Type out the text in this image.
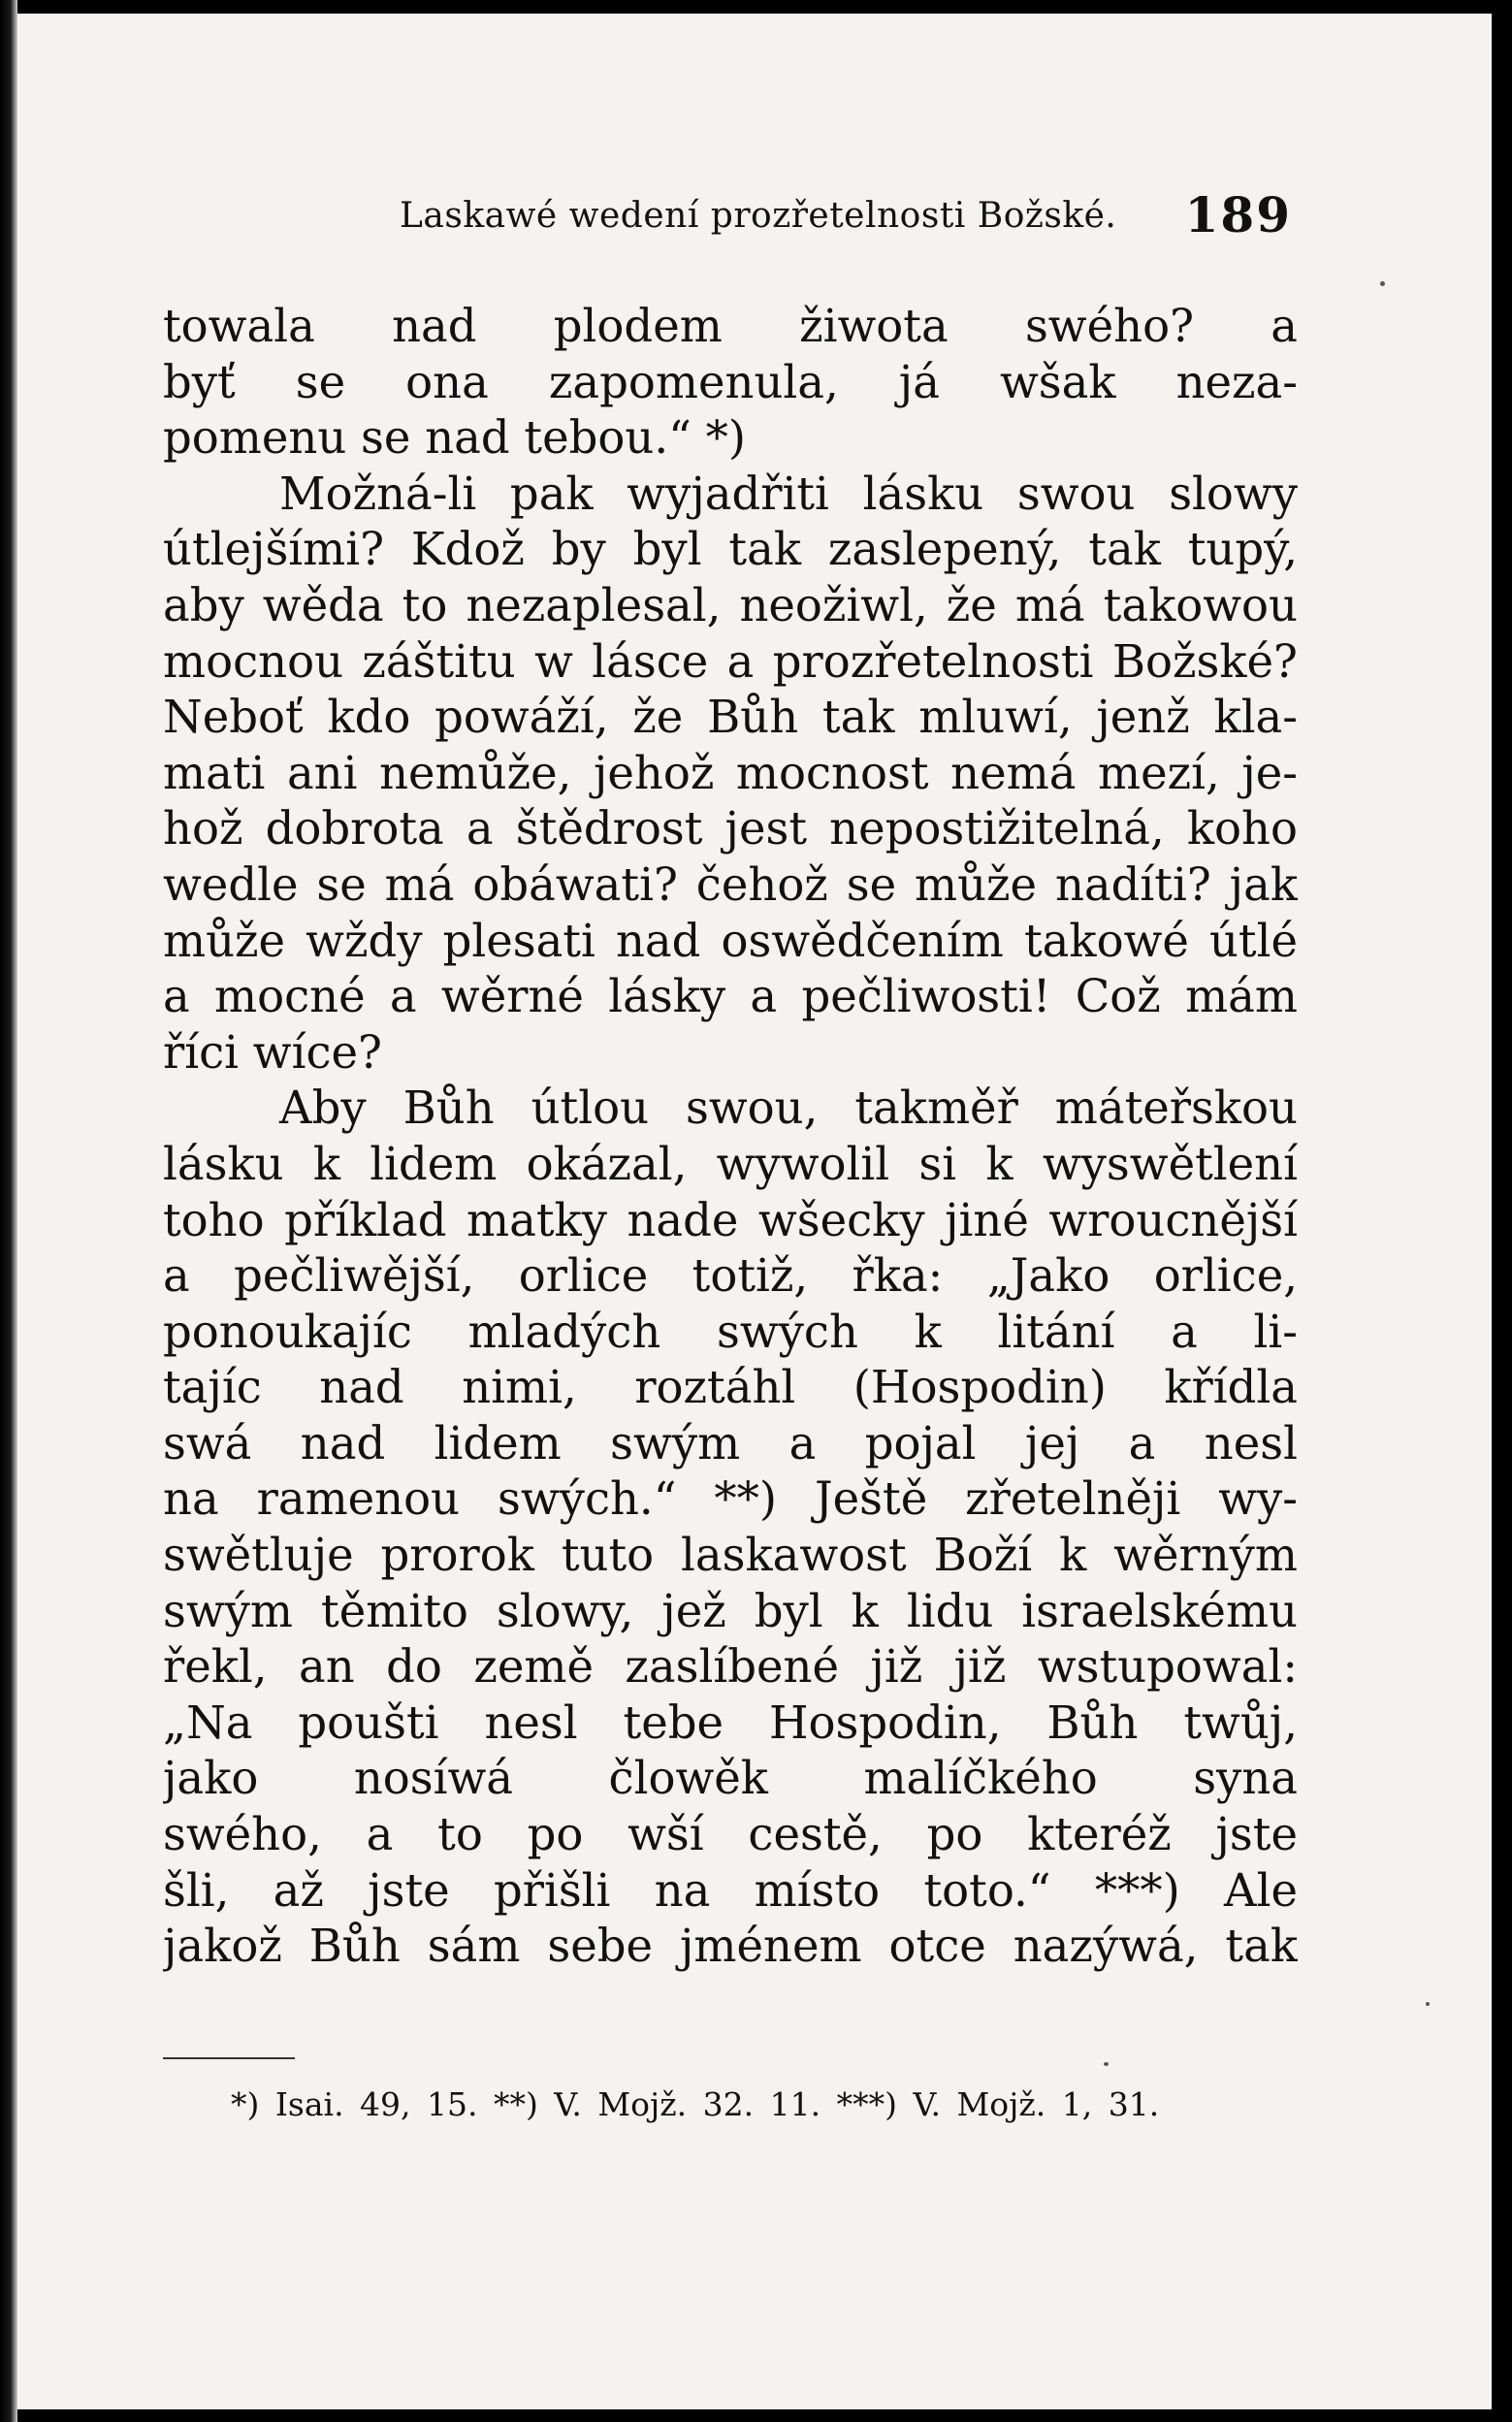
Laskawé wedení prozřetelnosti Božské. 189
towala nad plodem žiwota swého? a
byť se ona zapomenula, já wšak neza-
pomenu se nad tebou.“ *)
Možná-li pak wyjadřiti lásku swou slowy
útlejšími? Kdož by byl tak zaslepený, tak tupý,
aby wěda to nezaplesal, neožiwl, že má takowou
mocnou záštitu w lásce a prozřetelnosti Božské?
Neboť kdo powáží, že Bůh tak mluwí, jenž kla-
mati ani nemůže, jehož mocnost nemá mezí, je-
hož dobrota a štědrost jest nepostižitelná, koho
wedle se má obáwati? čehož se může nadíti? jak
může wždy plesati nad oswědčením takowé útlé
a mocné a wěrné lásky a pečliwosti! Což mám
říci wíce?
Aby Bůh útlou swou, takměř máteřskou
lásku k lidem okázal, wywolil si k wyswětlení
toho příklad matky nade wšecky jiné wroucnější
a pečliwější, orlice totiž, řka: „Jako orlice,
ponoukajíc mladých swých k litání a li-
tajíc nad nimi, roztáhl (Hospodin) křídla
swá nad lidem swým a pojal jej a nesl
na ramenou swých.“ **) Ještě zřetelněji wy-
swětluje prorok tuto laskawost Boží k wěrným
swým těmito slowy, jež byl k lidu israelskému
řekl, an do země zaslíbené již již wstupowal:
„Na poušti nesl tebe Hospodin, Bůh twůj,
jako nosíwá člowěk malíčkého syna
swého, a to po wší cestě, po kteréž jste
šli, až jste přišli na místo toto.“ ***) Ale
jakož Bůh sám sebe jménem otce nazýwá, tak
*) Isai. 49, 15. **) V. Mojž. 32. 11. ***) V. Mojž. 1, 31.
